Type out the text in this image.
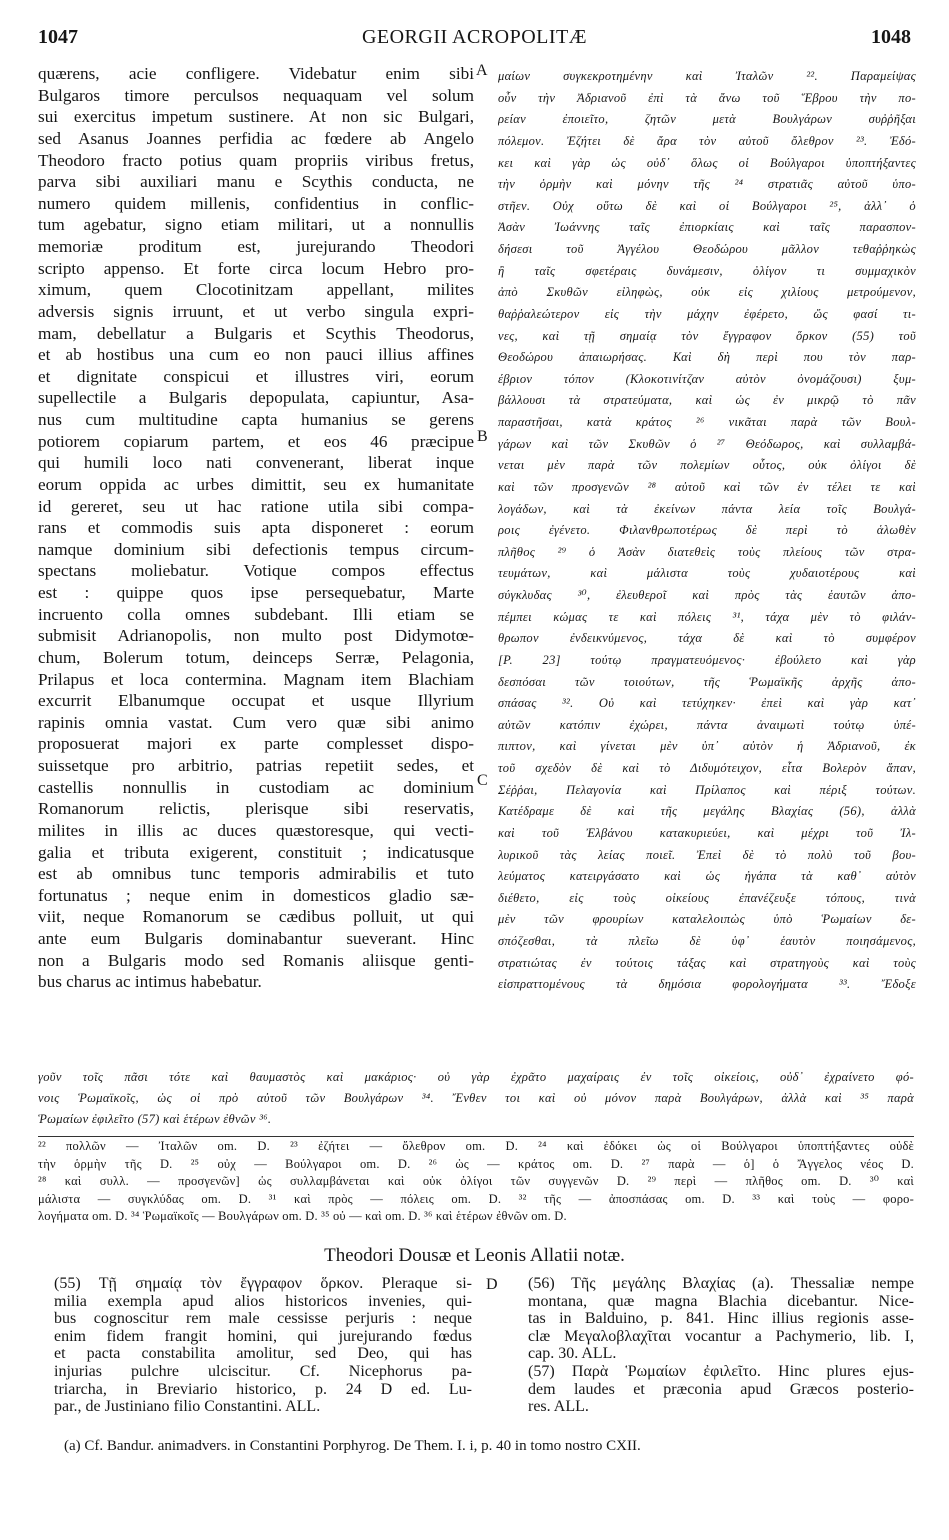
1047	GEORGII ACROPOLITÆ	1048
quærens, acie confligere. Videbatur enim sibi
Bulgaros timore perculsos nequaquam vel solum
sui exercitus impetum sustinere. At non sic Bulgari,
sed Asanus Joannes perfidia ac fœdere ab Angelo
Theodoro fracto potius quam propriis viribus fretus,
parva sibi auxiliari manu e Scythis conducta, ne
numero quidem millenis, confidentius in conflic-
tum agebatur, signo etiam militari, ut a nonnullis
memoriæ proditum est, jurejurando Theodori
scripto appenso. Et forte circa locum Hebro pro-
ximum, quem Clocotinitzam appellant, milites
adversis signis irruunt, et ut verbo singula expri-
mam, debellatur a Bulgaris et Scythis Theodorus,
et ab hostibus una cum eo non pauci illius affines
et dignitate conspicui et illustres viri, eorum
supellectile a Bulgaris depopulata, capiuntur, Asa-
nus cum multitudine capta humanius se gerens
potiorem copiarum partem, et eos 46 præcipue
qui humili loco nati convenerant, liberat inque
eorum oppida ac urbes dimittit, seu ex humanitate
id gereret, seu ut hac ratione utila sibi compa-
rans et commodis suis apta disponeret : eorum
namque dominium sibi defectionis tempus circum-
spectans moliebatur. Votique compos effectus
est : quippe quos ipse persequebatur, Marte
incruento colla omnes subdebant. Illi etiam se
submisit Adrianopolis, non multo post Didymotœ-
chum, Bolerum totum, deinceps Serræ, Pelagonia,
Prilapus et loca contermina. Magnam item Blachiam
excurrit Elbanumque occupat et usque Illyrium
rapinis omnia vastat. Cum vero quæ sibi animo
proposuerat majori ex parte complesset dispo-
suissetque pro arbitrio, patrias repetiit sedes, et
castellis nonnullis in custodiam ac dominium
Romanorum relictis, plerisque sibi reservatis,
milites in illis ac duces quæstoresque, qui vecti-
galia et tributa exigerent, constituit ; indicatusque
est ab omnibus tunc temporis admirabilis et tuto
fortunatus ; neque enim in domesticos gladio sæ-
viit, neque Romanorum se cædibus polluit, ut qui
ante eum Bulgaris dominabantur sueverant. Hinc
non a Bulgaris modo sed Romanis aliisque genti-
bus charus ac intimus habebatur.
A
B
C
μαίων συγκεκροτημένην καὶ Ἰταλῶν ²². Παραμείψας
οὖν τὴν Ἀδριανοῦ ἐπὶ τὰ ἄνω τοῦ Ἕβρου τὴν πο-
ρείαν ἐποιεῖτο, ζητῶν μετὰ Βουλγάρων συῤῥῆξαι
πόλεμον. Ἐζήτει δὲ ἄρα τὸν αὐτοῦ ὄλεθρον ²³. Ἐδό-
κει καὶ γὰρ ὡς οὐδ᾽ ὅλως οἱ Βούλγαροι ὑποπτήξαντες
τὴν ὁρμὴν καὶ μόνην τῆς ²⁴ στρατιᾶς αὐτοῦ ὑπο-
στῆεν. Οὐχ οὕτω δὲ καὶ οἱ Βούλγαροι ²⁵, ἀλλ᾽ ὁ
Ἀσὰν Ἰωάννης ταῖς ἐπιορκίαις καὶ ταῖς παρασπον-
δήσεσι τοῦ Ἀγγέλου Θεοδώρου μᾶλλον τεθαῤῥηκὼς
ἢ ταῖς σφετέραις δυνάμεσιν, ὀλίγον τι συμμαχικὸν
ἀπὸ Σκυθῶν εἰληφὼς, οὐκ εἰς χιλίους μετρούμενον,
θαῤῥαλεώτερον εἰς τὴν μάχην ἐφέρετο, ὥς φασί τι-
νες, καὶ τῇ σημαίᾳ τὸν ἔγγραφον ὅρκον (55) τοῦ
Θεοδώρου ἀπαιωρήσας. Καὶ δὴ περὶ που τὸν παρ-
έβριον τόπον (Κλοκοτινίτζαν αὐτὸν ὀνομάζουσι) ξυμ-
βάλλουσι τὰ στρατεύματα, καὶ ὡς ἐν μικρῷ τὸ πᾶν
παραστῆσαι, κατὰ κράτος ²⁶ νικᾶται παρὰ τῶν Βουλ-
γάρων καὶ τῶν Σκυθῶν ὁ ²⁷ Θεόδωρος, καὶ συλλαμβά-
νεται μὲν παρὰ τῶν πολεμίων οὗτος, οὐκ ὀλίγοι δὲ
καὶ τῶν προσγενῶν ²⁸ αὐτοῦ καὶ τῶν ἐν τέλει τε καὶ
λογάδων, καὶ τὰ ἐκείνων πάντα λεία τοῖς Βουλγά-
ροις ἐγένετο. Φιλανθρωποτέρως δὲ περὶ τὸ ἁλωθὲν
πλῆθος ²⁹ ὁ Ἀσὰν διατεθεὶς τοὺς πλείους τῶν στρα-
τευμάτων, καὶ μάλιστα τοὺς χυδαιοτέρους καὶ
σύγκλυδας ³⁰, ἐλευθεροῖ καὶ πρὸς τὰς ἑαυτῶν ἀπο-
πέμπει κώμας τε καὶ πόλεις ³¹, τάχα μὲν τὸ φιλάν-
θρωπον ἐνδεικνύμενος, τάχα δὲ καὶ τὸ συμφέρον
[P. 23] τούτῳ πραγματευόμενος· ἐβούλετο καὶ γὰρ
δεσπόσαι τῶν τοιούτων, τῆς Ῥωμαϊκῆς ἀρχῆς ἀπο-
σπάσας ³². Οὐ καὶ τετύχηκεν· ἐπεὶ καὶ γὰρ κατ᾽
αὐτῶν κατόπιν ἐχώρει, πάντα ἀναιμωτὶ τούτῳ ὑπέ-
πιπτον, καὶ γίνεται μὲν ὑπ᾽ αὐτὸν ἡ Ἀδριανοῦ, ἐκ
τοῦ σχεδὸν δὲ καὶ τὸ Διδυμότειχον, εἶτα Βολερὸν ἅπαν,
Σέῤῥαι, Πελαγονία καὶ Πρίλαπος καὶ πέριξ τούτων.
Κατέδραμε δὲ καὶ τῆς μεγάλης Βλαχίας (56), ἀλλὰ
καὶ τοῦ Ἐλβάνου κατακυριεύει, καὶ μέχρι τοῦ Ἰλ-
λυρικοῦ τὰς λείας ποιεῖ. Ἐπεὶ δὲ τὸ πολὺ τοῦ βου-
λεύματος κατειργάσατο καὶ ὡς ἠγάπα τὰ καθ᾽ αὐτὸν
διέθετο, εἰς τοὺς οἰκείους ἐπανέζευξε τόπους, τινὰ
μὲν τῶν φρουρίων καταλελοιπὼς ὑπὸ Ῥωμαίων δε-
σπόζεσθαι, τὰ πλεῖω δὲ ὑφ᾽ ἑαυτὸν ποιησάμενος,
στρατιώτας ἐν τούτοις τάξας καὶ στρατηγοὺς καὶ τοὺς
εἰσπραττομένους τὰ δημόσια φορολογήματα ³³. Ἔδοξε
γοῦν τοῖς πᾶσι τότε καὶ θαυμαστὸς καὶ μακάριος· οὐ γὰρ ἐχρᾶτο μαχαίραις ἐν τοῖς οἰκείοις, οὐδ᾽ ἐχραίνετο φό-
νοις Ῥωμαϊκοῖς, ὡς οἱ πρὸ αὐτοῦ τῶν Βουλγάρων ³⁴. Ἔνθεν τοι καὶ οὐ μόνον παρὰ Βουλγάρων, ἀλλὰ καὶ ³⁵ παρὰ
Ῥωμαίων ἐφιλεῖτο (57) καὶ ἑτέρων ἐθνῶν ³⁶.
²² πολλῶν — Ἰταλῶν om. D. ²³ ἐζήτει — ὄλεθρον om. D. ²⁴ καὶ ἐδόκει ὡς οἱ Βούλγαροι ὑποπτήξαντες οὐδὲ
τὴν ὁρμὴν τῆς D. ²⁵ οὐχ — Βούλγαροι om. D. ²⁶ ὡς — κράτος om. D. ²⁷ παρὰ — ὁ] ὁ Ἄγγελος νέος D.
²⁸ καὶ συλλ. — προσγενῶν] ὡς συλλαμβάνεται καὶ οὐκ ὀλίγοι τῶν συγγενῶν D. ²⁹ περὶ — πλῆθος om. D. ³⁰ καὶ
μάλιστα — συγκλύδας om. D. ³¹ καὶ πρὸς — πόλεις om. D. ³² τῆς — ἀποσπάσας om. D. ³³ καὶ τοὺς — φορο-
λογήματα om. D. ³⁴ Ῥωμαϊκοῖς — Βουλγάρων om. D. ³⁵ οὐ — καὶ om. D. ³⁶ καὶ ἑτέρων ἐθνῶν om. D.
Theodori Dousæ et Leonis Allatii notæ.
(55) Τῇ σημαίᾳ τὸν ἔγγραφον ὅρκον. Pleraque si-
milia exempla apud alios historicos invenies, qui-
bus cognoscitur rem male cessisse perjuris : neque
enim fidem frangit homini, qui jurejurando fœdus
et pacta constabilita amolitur, sed Deo, qui has
injurias pulchre ulciscitur. Cf. Nicephorus pa-
triarcha, in Breviario historico, p. 24 D ed. Lu-
par., de Justiniano filio Constantini. ALL.
D (56) Τῆς μεγάλης Βλαχίας (a). Thessaliæ nempe
montana, quæ magna Blachia dicebantur. Nice-
tas in Balduino, p. 841. Hinc illius regionis asse-
clæ Μεγαλοβλαχῖται vocantur a Pachymerio, lib. I,
cap. 30. ALL.
(57) Παρὰ Ῥωμαίων ἐφιλεῖτο. Hinc plures ejus-
dem laudes et præconia apud Græcos posterio-
res. ALL.
(a) Cf. Bandur. animadvers. in Constantini Porphyrog. De Them. I. i, p. 40 in tomo nostro CXII.
